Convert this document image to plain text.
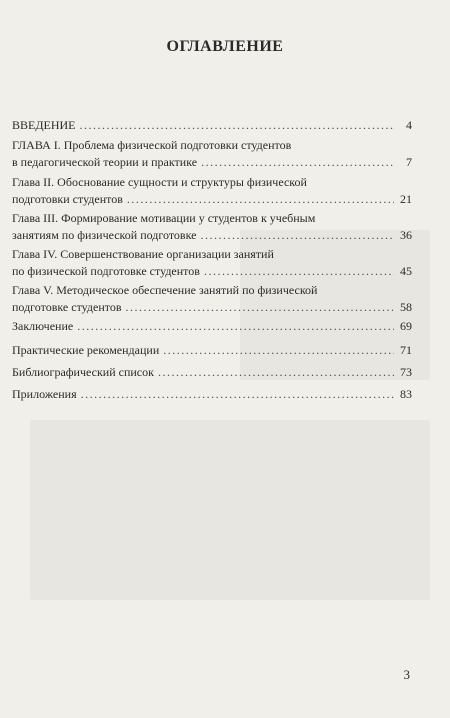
ОГЛАВЛЕНИЕ
ВВЕДЕНИЕ .....	4
ГЛАВА I. Проблема физической подготовки студентов
в педагогической теории и практике .....	7
Глава II. Обоснование сущности и структуры физической
подготовки студентов .....	21
Глава III. Формирование мотивации у студентов к учебным
занятиям по физической подготовке .....	36
Глава IV. Совершенствование организации занятий
по физической подготовке студентов .....	45
Глава V. Методическое обеспечение занятий по физической
подготовке студентов .....	58
Заключение .....	69
Практические рекомендации .....	71
Библиографический список .....	73
Приложения .....	83
3
